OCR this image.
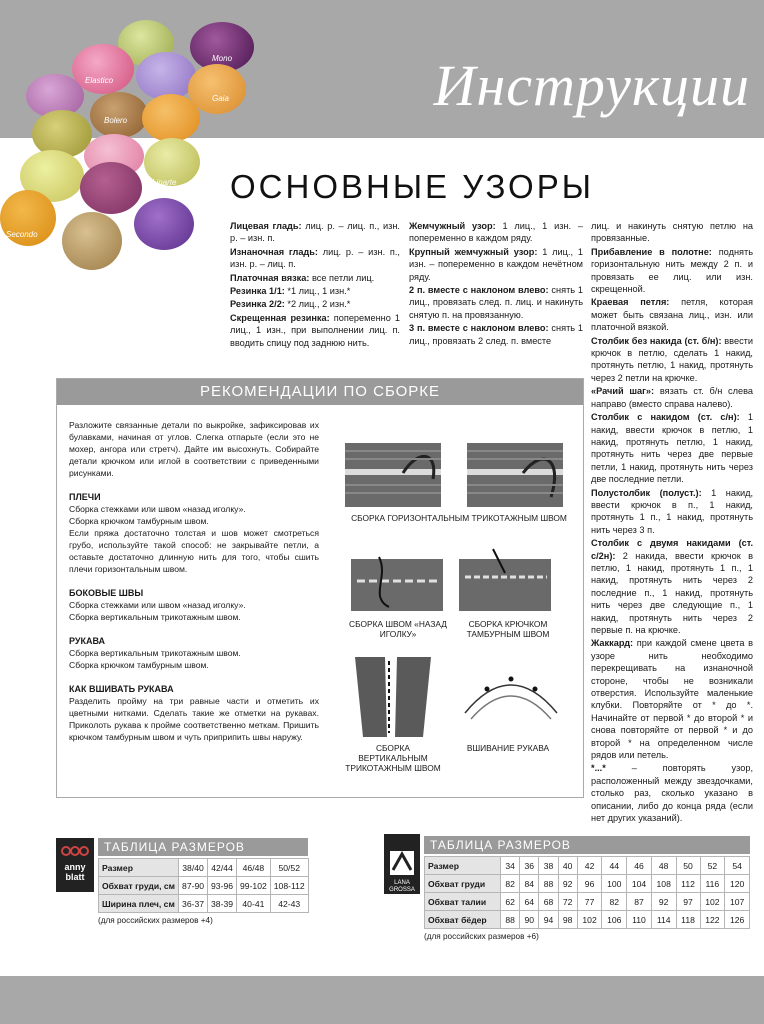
Инструкции
Elastico
Mono
Bolero
Gaia
Linarte
Secondo
ОСНОВНЫЕ УЗОРЫ

Лицевая гладь: лиц. р. – лиц. п., изн. р. – изн. п.

Изнаночная гладь: лиц. р. – изн. п., изн. р. – лиц. п.

Платочная вязка: все петли лиц.

Резинка 1/1: *1 лиц., 1 изн.*

Резинка 2/2: *2 лиц., 2 изн.*

Скрещенная резинка: попеременно 1 лиц., 1 изн., при выполнении лиц. п. вводить спицу под заднюю нить.

Жемчужный узор: 1 лиц., 1 изн. – попеременно в каждом ряду.

Крупный жемчужный узор: 1 лиц., 1 изн. – попеременно в каждом нечётном ряду.

2 п. вместе с наклоном влево: снять 1 лиц., провязать след. п. лиц. и накинуть снятую п. на провязанную.

3 п. вместе с наклоном влево: снять 1 лиц., провязать 2 след. п. вместе

лиц. и накинуть снятую петлю на провязанные.

Прибавление в полотне: поднять горизонтальную нить между 2 п. и провязать ее лиц. или изн. скрещенной.

Краевая петля: петля, которая может быть связана лиц., изн. или платочной вязкой.

Столбик без накида (ст. б/н): ввести крючок в петлю, сделать 1 накид, протянуть петлю, 1 накид, протянуть через 2 петли на крючке.

«Рачий шаг»: вязать ст. б/н слева направо (вместо справа налево).

Столбик с накидом (ст. с/н): 1 накид, ввести крючок в петлю, 1 накид, протянуть петлю, 1 накид, протянуть нить через две первые петли, 1 накид, протянуть нить через две последние петли.

Полустолбик (полуст.): 1 накид, ввести крючок в п., 1 накид, протянуть 1 п., 1 накид, протянуть нить через 3 п.

Столбик с двумя накидами (ст. с/2н): 2 накида, ввести крючок в петлю, 1 накид, протянуть 1 п., 1 накид, протянуть нить через 2 последние п., 1 накид, протянуть нить через две следующие п., 1 накид, протянуть нить через 2 первые п. на крючке.

Жаккард: при каждой смене цвета в узоре нить необходимо перекрещивать на изнаночной стороне, чтобы не возникали отверстия. Используйте маленькие клубки. Повторяйте от * до *. Начинайте от первой * до второй * и снова повторяйте от первой * и до второй * на определенном числе рядов или петель.

*...* – повторять узор, расположенный между звездочками, столько раз, сколько указано в описании, либо до конца ряда (если нет других указаний).

РЕКОМЕНДАЦИИ ПО СБОРКЕ

Разложите связанные детали по выкройке, зафиксировав их булавками, начиная от углов. Слегка отпарьте (если это не мохер, ангора или стретч). Дайте им высохнуть. Собирайте детали крючком или иглой в соответствии с приведенными рисунками.

ПЛЕЧИ

Сборка стежками или швом «назад иголку».

Сборка крючком тамбурным швом.

Если пряжа достаточно толстая и шов может смотреться грубо, используйте такой способ: не закрывайте петли, а оставьте достаточно длинную нить для того, чтобы сшить плечи горизонтальным швом.

БОКОВЫЕ ШВЫ

Сборка стежками или швом «назад иголку».

Сборка вертикальным трикотажным швом.

РУКАВА

Сборка вертикальным трикотажным швом.

Сборка крючком тамбурным швом.

КАК ВШИВАТЬ РУКАВА

Разделить пройму на три равные части и отметить их цветными нитками. Сделать такие же отметки на рукавах. Приколоть рукава к пройме соответственно меткам. Пришить крючком тамбурным швом и чуть приприпить швы наружу.

СБОРКА ГОРИЗОНТАЛЬНЫМ ТРИКОТАЖНЫМ ШВОМ
СБОРКА ШВОМ «НАЗАД ИГОЛКУ»
СБОРКА КРЮЧКОМ ТАМБУРНЫМ ШВОМ
СБОРКА ВЕРТИКАЛЬНЫМ ТРИКОТАЖНЫМ ШВОМ
ВШИВАНИЕ РУКАВА
anny blatt
ТАБЛИЦА РАЗМЕРОВ
Размер	38/40	42/44	46/48	50/52
Обхват груди, см	87-90	93-96	99-102	108-112
Ширина плеч, см	36-37	38-39	40-41	42-43
(для российских размеров +4)
LANA GROSSA
ТАБЛИЦА РАЗМЕРОВ
Размер	34	36	38	40	42	44	46	48	50	52	54
Обхват груди	82	84	88	92	96	100	104	108	112	116	120
Обхват талии	62	64	68	72	77	82	87	92	97	102	107
Обхват бёдер	88	90	94	98	102	106	110	114	118	122	126
(для российских размеров +6)
